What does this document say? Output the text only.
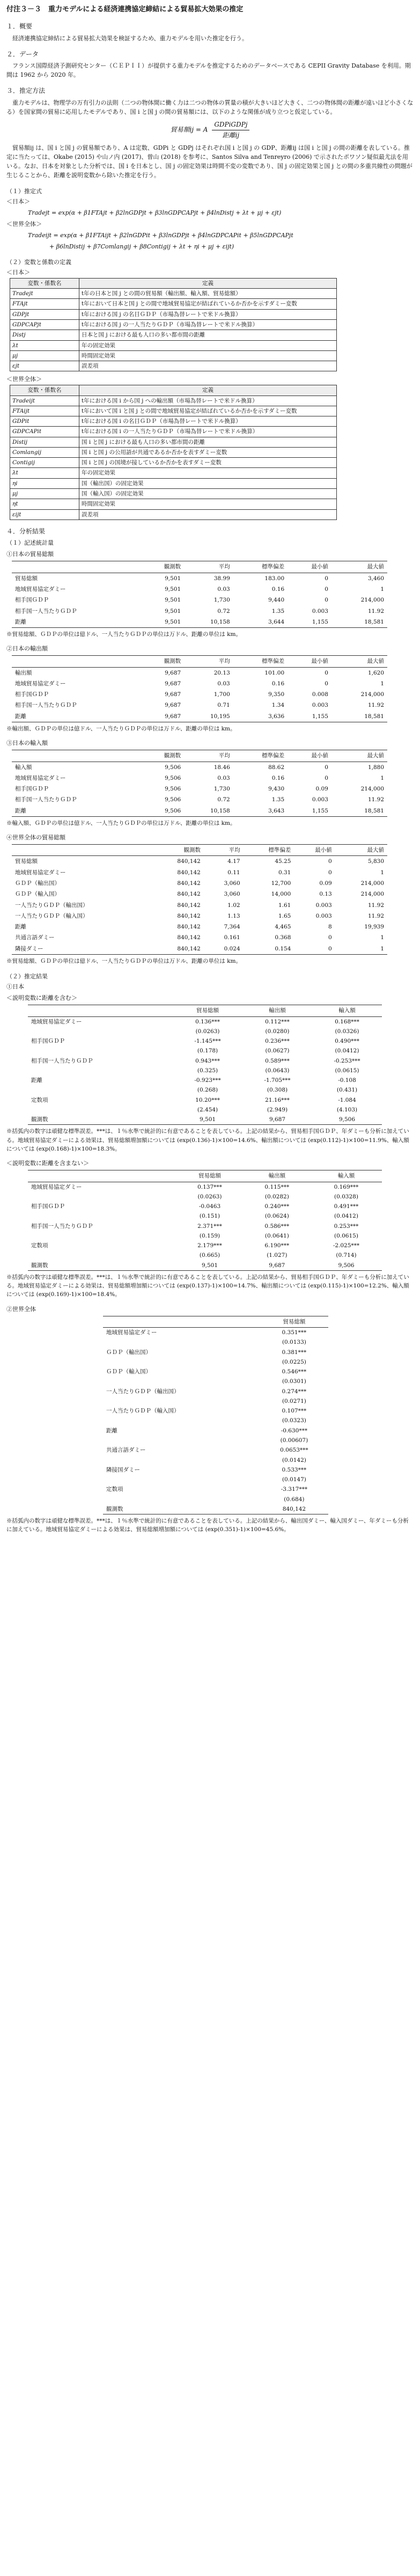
付注３－３　重力モデルによる経済連携協定締結による貿易拡大効果の推定
１．概要

経済連携協定締結による貿易拡大効果を検証するため、重力モデルを用いた推定を行う。

２．データ

フランス国際経済予測研究センター（ＣＥＰＩＩ）が提供する重力モデルを推定するためのデータベースである CEPII Gravity Database を利用。期間は 1962 から 2020 年。

３．推定方法

重力モデルは、物理学の万有引力の法則（二つの物体間に働く力は二つの物体の質量の積が大きいほど大きく、二つの物体間の距離が遠いほど小さくなる）を国家間の貿易に応用したモデルであり、国 i と国 j の間の貿易額には、以下のような関係が成り立つと仮定している。

貿易額ij = A
GDPiGDPj
距離ij

貿易額ij は、国 i と国 j の貿易額であり、A は定数、GDPi と GDPj はそれぞれ国 i と国 j の GDP、距離ij は国 i と国 j の間の距離を表している。推定に当たっては、Okabe (2015) や山ノ内 (2017)、曽山 (2018) を参考に、Santos Silva and Tenreyro (2006) で示されたポワソン疑似最尤法を用いる。なお、日本を対象とした分析では、国 i を日本とし、国 j の固定効果は時間不変の変数であり、国 j の固定効果と国 j との間の多重共線性の問題が生じることから、距離を説明変数から除いた推定を行う。

（１）推定式
＜日本＞
Tradejt = exp(α + β1FTAjt + β2lnGDPjt + β3lnGDPCAPjt + β4lnDistj + λt + μj + εjt)
＜世界全体＞
Tradeijt = exp(α + β1FTAijt + β2lnGDPit + β3lnGDPjt + β4lnGDPCAPit + β5lnGDPCAPjt
+ β6lnDistij + β7Comlangij + β8Contigij + λt + ηi + μj + εijt)
（２）変数と係数の定義
＜日本＞
変数・係数名	定義
Tradejt	t年の日本と国 j との間の貿易額（輸出額、輸入額、貿易総額）
FTAjt	t年において日本と国 j との間で地域貿易協定が結ばれているか否かを示すダミー変数
GDPjt	t年における国 j の名目ＧＤＰ（市場為替レートで米ドル換算）
GDPCAPjt	t年における国 j の一人当たりＧＤＰ（市場為替レートで米ドル換算）
Distj	日本と国 j における最も人口の多い都市間の距離
λt	年の固定効果
μj	時間固定効果
εjt	誤差項
＜世界全体＞
変数・係数名	定義
Tradeijt	t年における国 i から国 j への輸出額（市場為替レートで米ドル換算）
FTAijt	t年において国 i と国 j との間で地域貿易協定が結ばれているか否かを示すダミー変数
GDPit	t年における国 i の名目ＧＤＰ（市場為替レートで米ドル換算）
GDPCAPit	t年における国 i の一人当たりＧＤＰ（市場為替レートで米ドル換算）
Distij	国 i と国 j における最も人口の多い都市間の距離
Comlangij	国 i と国 j の公用語が共通であるか否かを表すダミー変数
Contigij	国 i と国 j の国境が接しているか否かを表すダミー変数
λt	年の固定効果
ηi	国（輸出国）の固定効果
μj	国（輸入国）の固定効果
ηt	時間固定効果
εijt	誤差項
４．分析結果
（１）記述統計量
①日本の貿易総額
	観測数	平均	標準偏差	最小値	最大値
貿易総額	9,501	38.99	183.00	0	3,460
地域貿易協定ダミー	9,501	0.03	0.16	0	1
相手国ＧＤＰ	9,501	1,730	9,440	0	214,000
相手国一人当たりＧＤＰ	9,501	0.72	1.35	0.003	11.92
距離	9,501	10,158	3,644	1,155	18,581
※貿易総額、ＧＤＰの単位は億ドル、一人当たりＧＤＰの単位は万ドル、距離の単位は km。
②日本の輸出額
	観測数	平均	標準偏差	最小値	最大値
輸出額	9,687	20.13	101.00	0	1,620
地域貿易協定ダミー	9,687	0.03	0.16	0	1
相手国ＧＤＰ	9,687	1,700	9,350	0.008	214,000
相手国一人当たりＧＤＰ	9,687	0.71	1.34	0.003	11.92
距離	9,687	10,195	3,636	1,155	18,581
※輸出額、ＧＤＰの単位は億ドル、一人当たりＧＤＰの単位は万ドル、距離の単位は km。
③日本の輸入額
	観測数	平均	標準偏差	最小値	最大値
輸入額	9,506	18.46	88.62	0	1,880
地域貿易協定ダミー	9,506	0.03	0.16	0	1
相手国ＧＤＰ	9,506	1,730	9,430	0.09	214,000
相手国一人当たりＧＤＰ	9,506	0.72	1.35	0.003	11.92
距離	9,506	10,158	3,643	1,155	18,581
※輸入額、ＧＤＰの単位は億ドル、一人当たりＧＤＰの単位は万ドル、距離の単位は km。
④世界全体の貿易総額
	観測数	平均	標準偏差	最小値	最大値
貿易総額	840,142	4.17	45.25	0	5,830
地域貿易協定ダミー	840,142	0.11	0.31	0	1
ＧＤＰ（輸出国）	840,142	3,060	12,700	0.09	214,000
ＧＤＰ（輸入国）	840,142	3,060	14,000	0.13	214,000
一人当たりＧＤＰ（輸出国）	840,142	1.02	1.61	0.003	11.92
一人当たりＧＤＰ（輸入国）	840,142	1.13	1.65	0.003	11.92
距離	840,142	7,364	4,465	8	19,939
共通言語ダミー	840,142	0.161	0.368	0	1
隣接ダミー	840,142	0.024	0.154	0	1
※貿易総額、ＧＤＰの単位は億ドル、一人当たりＧＤＰの単位は万ドル、距離の単位は km。
（２）推定結果
①日本
＜説明変数に距離を含む＞
	貿易総額	輸出額	輸入額
地域貿易協定ダミー	0.136***	0.112***	0.168***
	(0.0263)	(0.0280)	(0.0326)
相手国ＧＤＰ	-1.145***	0.236***	0.490***
	(0.178)	(0.0627)	(0.0412)
相手国一人当たりＧＤＰ	0.943***	0.589***	-0.253***
	(0.325)	(0.0643)	(0.0615)
距離	-0.923***	-1.705***	-0.108
	(0.268)	(0.308)	(0.431)
定数項	10.20***	21.16***	-1.084
	(2.454)	(2.949)	(4.103)
観測数	9,501	9,687	9,506
※括弧内の数字は頑健な標準誤差。***は、１％水準で統計的に有意であることを表している。上記の結果から、貿易相手国ＧＤＰ、年ダミーも分析に加えている。地域貿易協定ダミーによる効果は、貿易総額増加額については (exp(0.136)-1)×100=14.6%、輸出額については (exp(0.112)-1)×100=11.9%、輸入額については (exp(0.168)-1)×100=18.3%。
＜説明変数に距離を含まない＞
	貿易総額	輸出額	輸入額
地域貿易協定ダミー	0.137***	0.115***	0.169***
	(0.0263)	(0.0282)	(0.0328)
相手国ＧＤＰ	-0.0463	0.240***	0.491***
	(0.151)	(0.0624)	(0.0412)
相手国一人当たりＧＤＰ	2.371***	0.586***	0.253***
	(0.159)	(0.0641)	(0.0615)
定数項	2.179***	6.190***	-2.025***
	(0.665)	(1.027)	(0.714)
観測数	9,501	9,687	9,506
※括弧内の数字は頑健な標準誤差。***は、１％水準で統計的に有意であることを表している。上記の結果から、貿易相手国ＧＤＰ、年ダミーも分析に加えている。地域貿易協定ダミーによる効果は、貿易総額増加額については (exp(0.137)-1)×100=14.7%、輸出額については (exp(0.115)-1)×100=12.2%、輸入額については (exp(0.169)-1)×100=18.4%。
②世界全体
	貿易総額
地域貿易協定ダミー	0.351***
	(0.0133)
ＧＤＰ（輸出国）	0.381***
	(0.0225)
ＧＤＰ（輸入国）	0.546***
	(0.0301)
一人当たりＧＤＰ（輸出国）	0.274***
	(0.0271)
一人当たりＧＤＰ（輸入国）	0.107***
	(0.0323)
距離	-0.630***
	(0.00607)
共通言語ダミー	0.0653***
	(0.0142)
隣接国ダミー	0.533***
	(0.0147)
定数項	-3.317***
	(0.684)
観測数	840,142
※括弧内の数字は頑健な標準誤差。***は、１％水準で統計的に有意であることを表している。上記の結果から、輸出国ダミー、輸入国ダミー、年ダミーも分析に加えている。地域貿易協定ダミーによる効果は、貿易総額増加額については (exp(0.351)-1)×100=45.6%。
